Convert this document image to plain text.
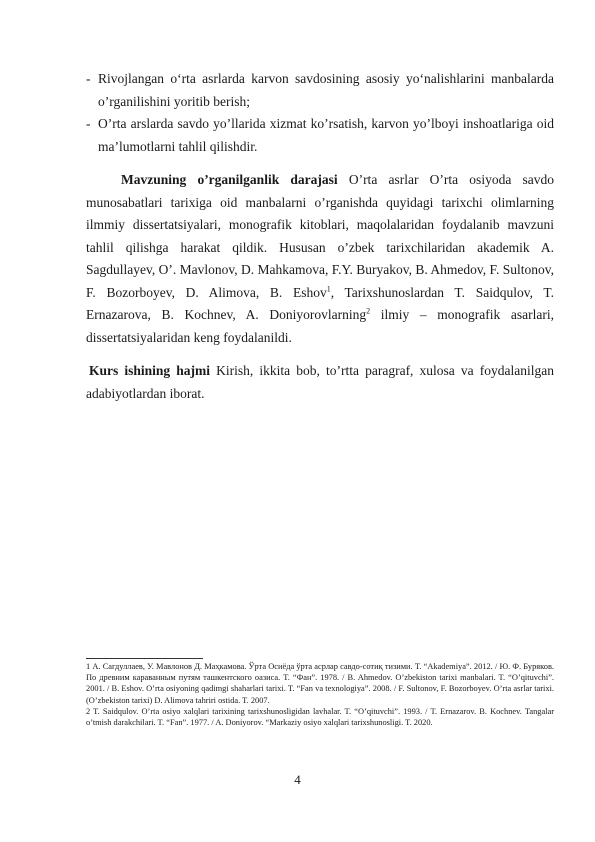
- Rivojlangan o‘rta asrlarda karvon savdosining asosiy yo‘nalishlarini manbalarda o’rganilishini yoritib berish;
- O’rta arslarda savdo yo’llarida xizmat ko’rsatish, karvon yo’lboyi inshoatlariga oid ma’lumotlarni tahlil qilishdir.

Mavzuning o’rganilganlik darajasi O’rta asrlar O’rta osiyoda savdo munosabatlari tarixiga oid manbalarni o’rganishda quyidagi tarixchi olimlarning ilmmiy dissertatsiyalari, monografik kitoblari, maqolalaridan foydalanib mavzuni tahlil qilishga harakat qildik. Hususan o’zbek tarixchilaridan akademik A. Sagdullayev, O’. Mavlonov, D. Mahkamova, F.Y. Buryakov, B. Ahmedov, F. Sultonov, F. Bozorboyev, D. Alimova, B. Eshov$^1$, Tarixshunoslardan T. Saidqulov, T. Ernazarova, B. Kochnev, A. Doniyorovlarning$^2$ ilmiy – monografik asarlari, dissertatsiyalaridan keng foydalanildi.

Kurs ishining hajmi Kirish, ikkita bob, to’rtta paragraf, xulosa va foydalanilgan adabiyotlardan iborat.

1 А. Сагдуллаев, У. Мавлонов Д. Маҳкамова. Ўрта Осиёда ўрта асрлар савдо-сотиқ тизими. T. “Akademiya”. 2012. / Ю. Ф. Буряков. По древним караванным путям ташкентского оазиса. T. “Фан”. 1978. / B. Ahmedov. O’zbekiston tarixi manbalari. T. “O’qituvchi”. 2001. / B. Eshov. O’rta osiyoning qadimgi shaharlari tarixi. T. “Fan va texnologiya”. 2008. / F. Sultonov, F. Bozorboyev. O’rta asrlar tarixi. (O’zbekiston tarixi) D. Alimova tahriri ostida. T. 2007.

2 T. Saidqulov. O’rta osiyo xalqlari tarixining tarixshunosligidan lavhalar. T. “O’qituvchi”. 1993. / T. Ernazarov. B. Kochnev. Tangalar o’tmish darakchilari. T. “Fan”. 1977. / A. Doniyorov. “Markaziy osiyo xalqlari tarixshunosligi. T. 2020.

4
